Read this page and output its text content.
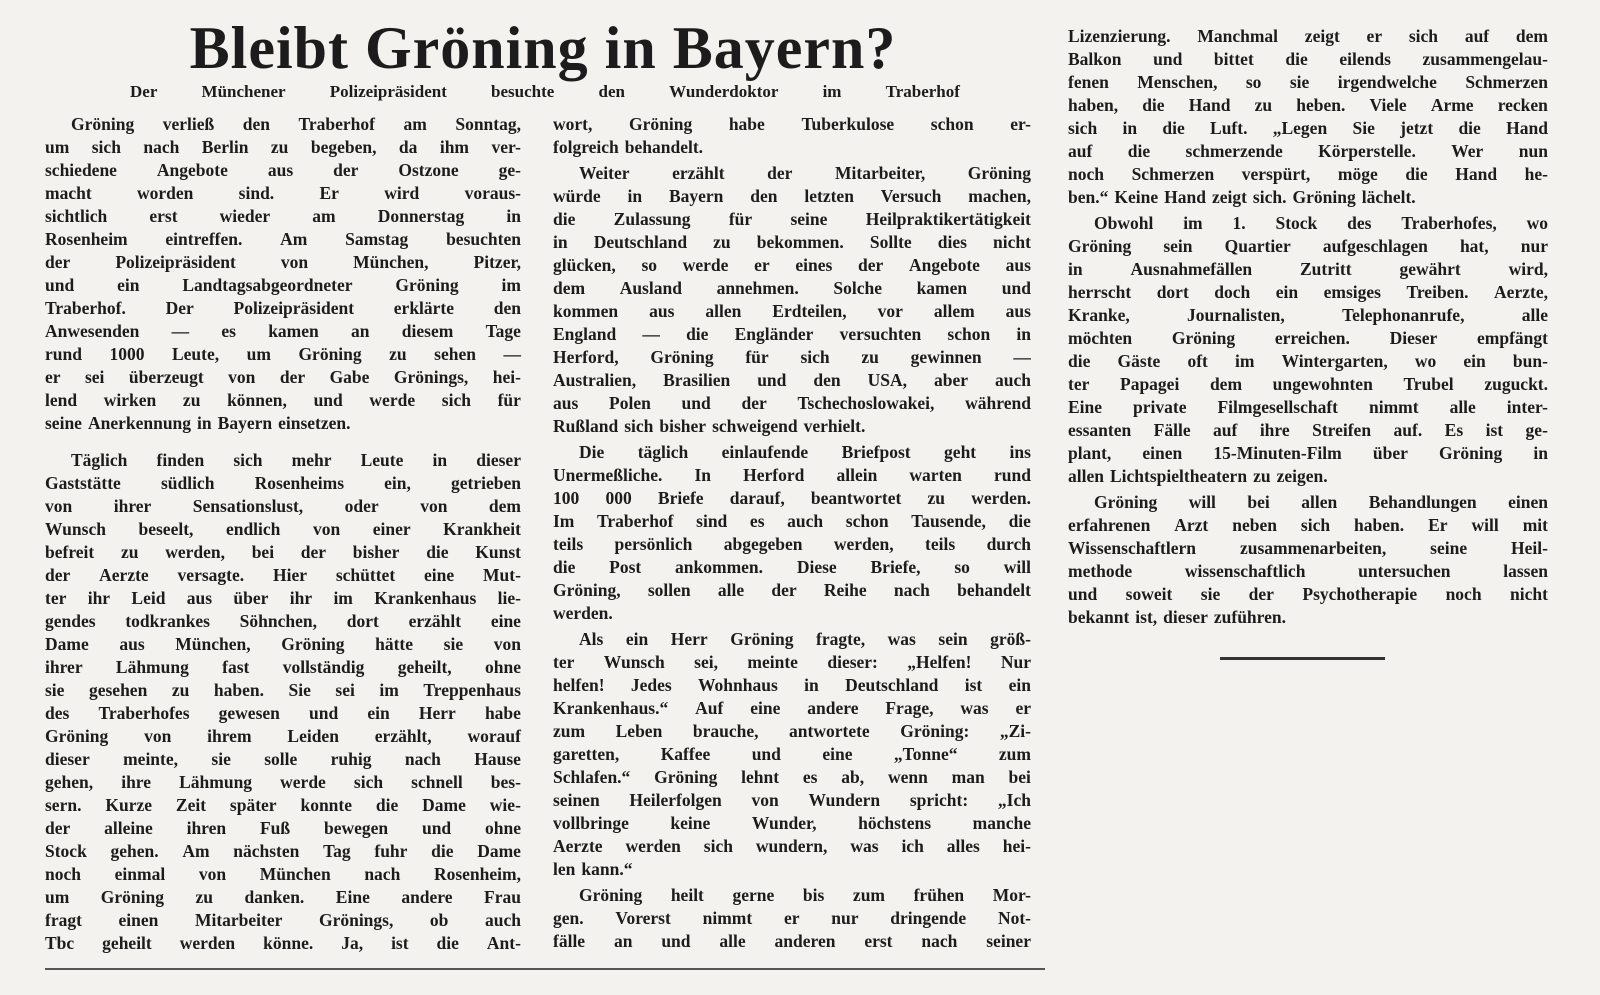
Bleibt Gröning in Bayern?
Der	Münchener	Polizeipräsident	besuchte	den	Wunderdoktor	im	Traberhof
Gröning verließ den Traberhof am Sonntag,
um sich nach Berlin zu begeben, da ihm ver-
schiedene Angebote aus der Ostzone ge-
macht	worden	sind.	Er	wird	voraus-
sichtlich erst wieder am Donnerstag in
Rosenheim eintreffen. Am Samstag besuchten
der	Polizeipräsident	von	München,	Pitzer,
und ein Landtagsabgeordneter Gröning im
Traberhof. Der Polizeipräsident erklärte den
Anwesenden — es kamen an diesem Tage
rund 1000 Leute, um Gröning zu sehen —
er sei überzeugt von der Gabe Grönings, hei-
lend wirken zu können, und werde sich für
seine Anerkennung in Bayern einsetzen.
Täglich finden sich mehr Leute in dieser
Gaststätte südlich Rosenheims ein, getrieben
von ihrer Sensationslust, oder von dem
Wunsch beseelt, endlich von einer Krankheit
befreit zu werden, bei der bisher die Kunst
der Aerzte versagte. Hier schüttet eine Mut-
ter ihr Leid aus über ihr im Krankenhaus lie-
gendes todkrankes Söhnchen, dort erzählt eine
Dame aus München, Gröning hätte sie von
ihrer Lähmung fast vollständig geheilt, ohne
sie gesehen zu haben. Sie sei im Treppenhaus
des Traberhofes gewesen und ein Herr habe
Gröning von ihrem Leiden erzählt, worauf
dieser meinte, sie solle ruhig nach Hause
gehen, ihre Lähmung werde sich schnell bes-
sern. Kurze Zeit später konnte die Dame wie-
der alleine ihren Fuß bewegen und ohne
Stock gehen. Am nächsten Tag fuhr die Dame
noch einmal von München nach Rosenheim,
um Gröning zu danken. Eine andere Frau
fragt einen Mitarbeiter Grönings, ob auch
Tbc geheilt werden könne. Ja, ist die Ant-
wort, Gröning habe Tuberkulose schon er-
folgreich behandelt.
Weiter erzählt der Mitarbeiter, Gröning
würde in Bayern den letzten Versuch machen,
die Zulassung für seine Heilpraktikertätigkeit
in Deutschland zu bekommen. Sollte dies nicht
glücken, so werde er eines der Angebote aus
dem Ausland annehmen. Solche kamen und
kommen aus allen Erdteilen, vor allem aus
England — die Engländer versuchten schon in
Herford, Gröning für sich zu gewinnen —
Australien, Brasilien und den USA, aber auch
aus Polen und der Tschechoslowakei, während
Rußland sich bisher schweigend verhielt.
Die täglich einlaufende Briefpost geht ins
Unermeßliche. In Herford allein warten rund
100 000 Briefe darauf, beantwortet zu werden.
Im Traberhof sind es auch schon Tausende, die
teils persönlich abgegeben werden, teils durch
die Post ankommen. Diese Briefe, so will
Gröning, sollen alle der Reihe nach behandelt
werden.
Als ein Herr Gröning fragte, was sein größ-
ter Wunsch sei, meinte dieser: „Helfen! Nur
helfen! Jedes Wohnhaus in Deutschland ist ein
Krankenhaus.“ Auf eine andere Frage, was er
zum Leben brauche, antwortete Gröning: „Zi-
garetten, Kaffee und eine „Tonne“ zum
Schlafen.“ Gröning lehnt es ab, wenn man bei
seinen Heilerfolgen von Wundern spricht: „Ich
vollbringe keine Wunder, höchstens manche
Aerzte werden sich wundern, was ich alles hei-
len kann.“
Gröning heilt gerne bis zum frühen Mor-
gen. Vorerst nimmt er nur dringende Not-
fälle an und alle anderen erst nach seiner
Lizenzierung. Manchmal zeigt er sich auf dem
Balkon und bittet die eilends zusammengelau-
fenen Menschen, so sie irgendwelche Schmerzen
haben, die Hand zu heben. Viele Arme recken
sich in die Luft. „Legen Sie jetzt die Hand
auf die schmerzende Körperstelle. Wer nun
noch Schmerzen verspürt, möge die Hand he-
ben.“ Keine Hand zeigt sich. Gröning lächelt.
Obwohl im 1. Stock des Traberhofes, wo
Gröning sein Quartier aufgeschlagen hat, nur
in	Ausnahmefällen	Zutritt	gewährt	wird,
herrscht dort doch ein emsiges Treiben. Aerzte,
Kranke,	Journalisten,	Telephonanrufe,	alle
möchten Gröning erreichen. Dieser empfängt
die Gäste oft im Wintergarten, wo ein bun-
ter Papagei dem ungewohnten Trubel zuguckt.
Eine private Filmgesellschaft nimmt alle inter-
essanten Fälle auf ihre Streifen auf. Es ist ge-
plant, einen 15-Minuten-Film über Gröning in
allen Lichtspieltheatern zu zeigen.
Gröning will bei allen Behandlungen einen
erfahrenen Arzt neben sich haben. Er will mit
Wissenschaftlern	zusammenarbeiten,	seine	Heil-
methode	wissenschaftlich	untersuchen	lassen
und soweit sie der Psychotherapie noch nicht
bekannt ist, dieser zuführen.
